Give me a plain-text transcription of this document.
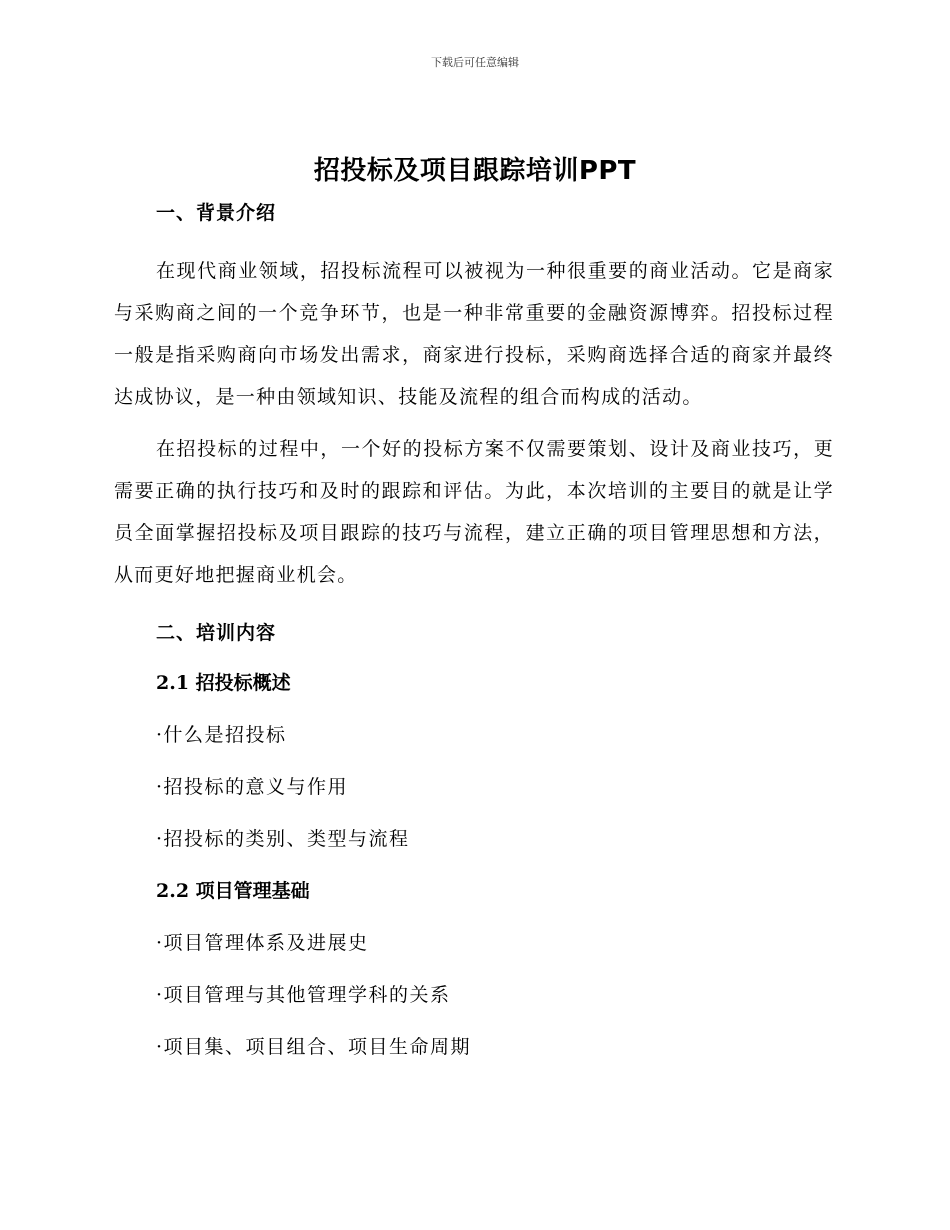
下载后可任意编辑
招投标及项目跟踪培训PPT

一、背景介绍

在现代商业领域，招投标流程可以被视为一种很重要的商业活动。它是商家与采购商之间的一个竞争环节，也是一种非常重要的金融资源博弈。招投标过程一般是指采购商向市场发出需求，商家进行投标，采购商选择合适的商家并最终达成协议，是一种由领域知识、技能及流程的组合而构成的活动。

在招投标的过程中，一个好的投标方案不仅需要策划、设计及商业技巧，更需要正确的执行技巧和及时的跟踪和评估。为此，本次培训的主要目的就是让学员全面掌握招投标及项目跟踪的技巧与流程，建立正确的项目管理思想和方法，从而更好地把握商业机会。

二、培训内容

2.1 招投标概述

·什么是招投标

·招投标的意义与作用

·招投标的类别、类型与流程

2.2 项目管理基础

·项目管理体系及进展史

·项目管理与其他管理学科的关系

·项目集、项目组合、项目生命周期
